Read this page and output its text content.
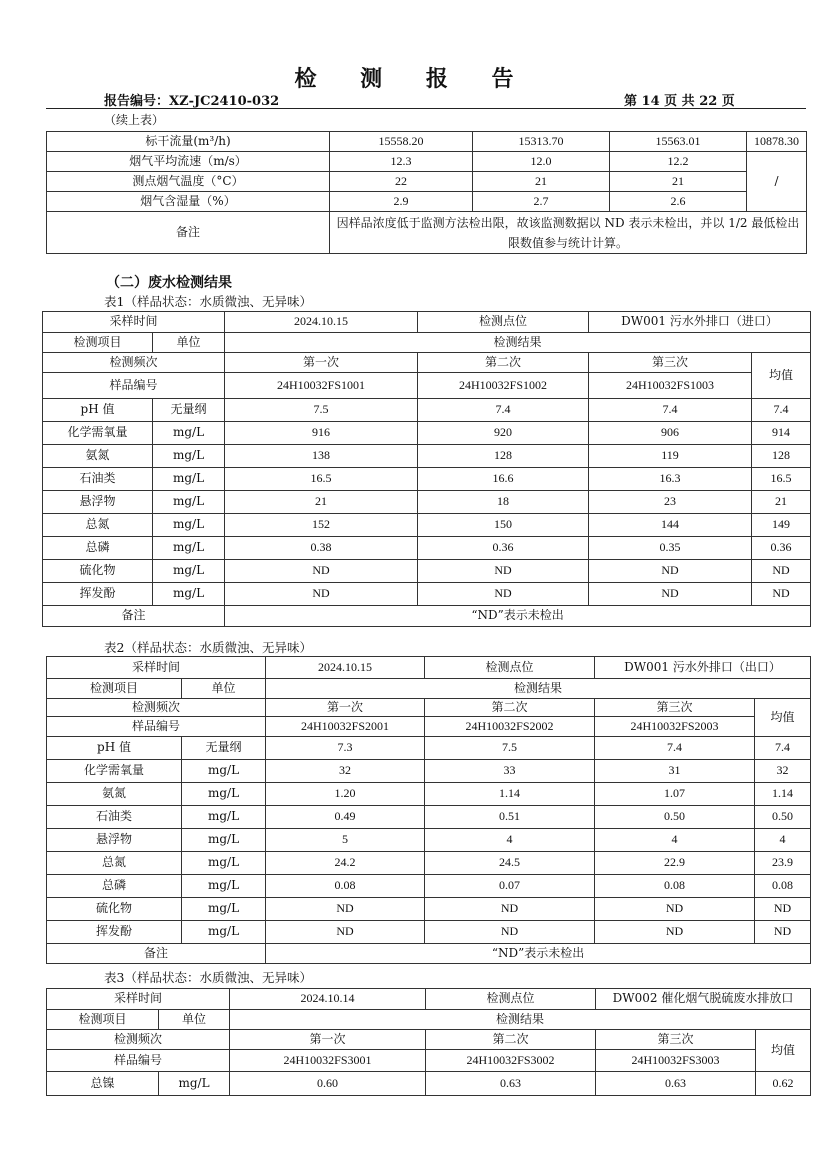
检 测 报 告
报告编号：XZ-JC2410-032	第 14 页 共 22 页
（续上表）
标干流量(m³/h)	15558.20	15313.70	15563.01	10878.30
烟气平均流速（m/s）	12.3	12.0	12.2	/
测点烟气温度（°C）	22	21	21	
烟气含湿量（%）	2.9	2.7	2.6	
备注	因样品浓度低于监测方法检出限，故该监测数据以 ND 表示未检出，并以 1/2 最低检出限数值参与统计计算。			
（二）废水检测结果
表1（样品状态：水质微浊、无异味）
采样时间		2024.10.15	检测点位	DW001 污水外排口（进口）	
检测项目	单位	检测结果			
检测频次		第一次	第二次	第三次	均值
样品编号		24H10032FS1001	24H10032FS1002	24H10032FS1003	
pH 值	无量纲	7.5	7.4	7.4	7.4
化学需氧量	mg/L	916	920	906	914
氨氮	mg/L	138	128	119	128
石油类	mg/L	16.5	16.6	16.3	16.5
悬浮物	mg/L	21	18	23	21
总氮	mg/L	152	150	144	149
总磷	mg/L	0.38	0.36	0.35	0.36
硫化物	mg/L	ND	ND	ND	ND
挥发酚	mg/L	ND	ND	ND	ND
备注		“ND”表示未检出			
表2（样品状态：水质微浊、无异味）
采样时间		2024.10.15	检测点位	DW001 污水外排口（出口）	
检测项目	单位	检测结果			
检测频次		第一次	第二次	第三次	均值
样品编号		24H10032FS2001	24H10032FS2002	24H10032FS2003	
pH 值	无量纲	7.3	7.5	7.4	7.4
化学需氧量	mg/L	32	33	31	32
氨氮	mg/L	1.20	1.14	1.07	1.14
石油类	mg/L	0.49	0.51	0.50	0.50
悬浮物	mg/L	5	4	4	4
总氮	mg/L	24.2	24.5	22.9	23.9
总磷	mg/L	0.08	0.07	0.08	0.08
硫化物	mg/L	ND	ND	ND	ND
挥发酚	mg/L	ND	ND	ND	ND
备注		“ND”表示未检出			
表3（样品状态：水质微浊、无异味）
采样时间		2024.10.14	检测点位	DW002 催化烟气脱硫废水排放口	
检测项目	单位	检测结果			
检测频次		第一次	第二次	第三次	均值
样品编号		24H10032FS3001	24H10032FS3002	24H10032FS3003	
总镍	mg/L	0.60	0.63	0.63	0.62
